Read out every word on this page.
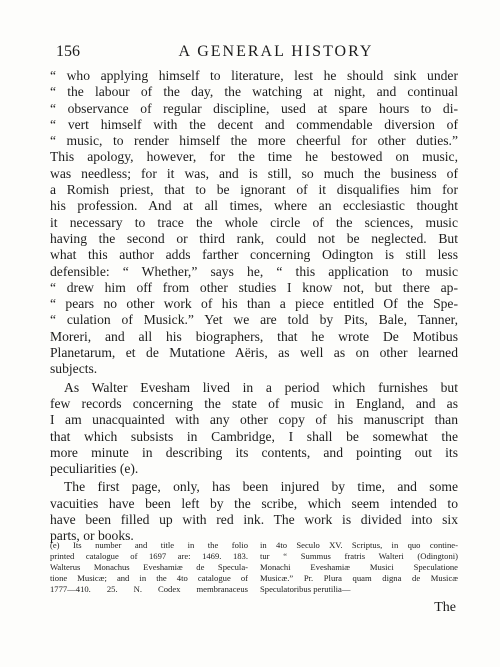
156	A GENERAL HISTORY

“ who applying himself to literature, lest he should sink under
“ the labour of the day, the watching at night, and continual
“ observance of regular discipline, used at spare hours to di-
“ vert himself with the decent and commendable diversion of
“ music, to render himself the more cheerful for other duties.”
This apology, however, for the time he bestowed on music,
was needless; for it was, and is still, so much the business of
a Romish priest, that to be ignorant of it disqualifies him for
his profession. And at all times, where an ecclesiastic thought
it necessary to trace the whole circle of the sciences, music
having the second or third rank, could not be neglected. But
what this author adds farther concerning Odington is still less
defensible: “ Whether,” says he, “ this application to music
“ drew him off from other studies I know not, but there ap-
“ pears no other work of his than a piece entitled Of the Spe-
“ culation of Musick.” Yet we are told by Pits, Bale, Tanner,
Moreri, and all his biographers, that he wrote De Motibus
Planetarum, et de Mutatione Aëris, as well as on other learned
subjects.

As Walter Evesham lived in a period which furnishes but
few records concerning the state of music in England, and as
I am unacquainted with any other copy of his manuscript than
that which subsists in Cambridge, I shall be somewhat the
more minute in describing its contents, and pointing out its
peculiarities (e).

The first page, only, has been injured by time, and some
vacuities have been left by the scribe, which seem intended to
have been filled up with red ink. The work is divided into six
parts, or books.

(e) Its number and title in the folio
printed catalogue of 1697 are: 1469. 183.
Walterus Monachus Eveshamiæ de Specula-
tione Musicæ; and in the 4to catalogue of
1777—410. 25. N. Codex membranaceus
in 4to Seculo XV. Scriptus, in quo contine-
tur “ Summus fratris Walteri (Odingtoni)
Monachi Eveshamiæ Musici Speculatione
Musicæ.” Pr. Plura quam digna de Musicæ
Speculatoribus perutilia—
The
